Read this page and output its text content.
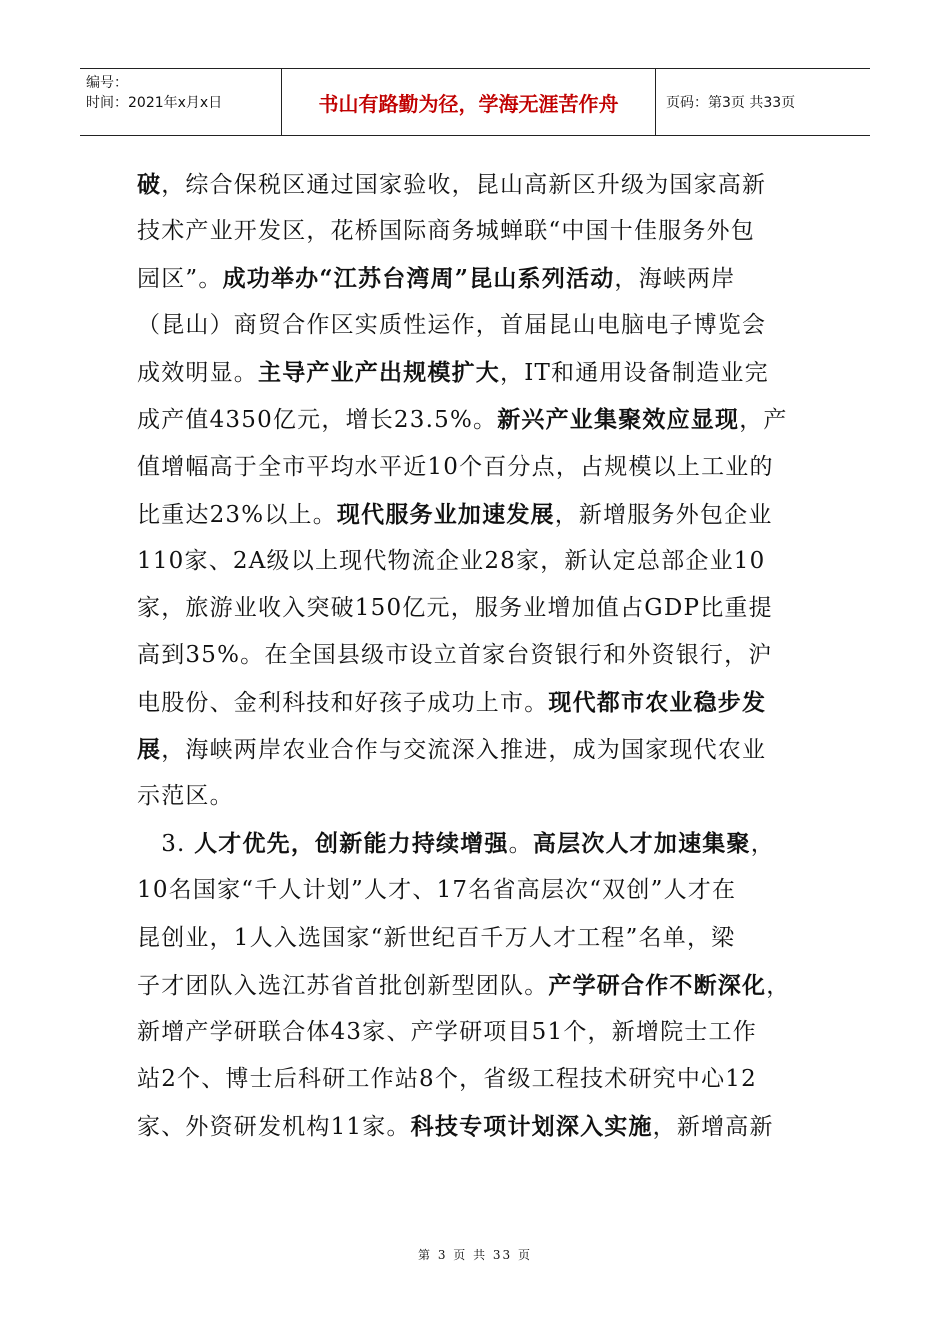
编号：
时间：2021年x月x日	书山有路勤为径，学海无涯苦作舟	页码：第3页 共33页
破，综合保税区通过国家验收，昆山高新区升级为国家高新
技术产业开发区，花桥国际商务城蝉联“中国十佳服务外包
园区”。成功举办“江苏台湾周”昆山系列活动，海峡两岸
（昆山）商贸合作区实质性运作，首届昆山电脑电子博览会
成效明显。主导产业产出规模扩大，IT和通用设备制造业完
成产值4350亿元，增长23.5%。新兴产业集聚效应显现，产
值增幅高于全市平均水平近10个百分点，占规模以上工业的
比重达23%以上。现代服务业加速发展，新增服务外包企业
110家、2A级以上现代物流企业28家，新认定总部企业10
家，旅游业收入突破150亿元，服务业增加值占GDP比重提
高到35%。在全国县级市设立首家台资银行和外资银行，沪
电股份、金利科技和好孩子成功上市。现代都市农业稳步发
展，海峡两岸农业合作与交流深入推进，成为国家现代农业
示范区。
　3. 人才优先，创新能力持续增强。高层次人才加速集聚，
10名国家“千人计划”人才、17名省高层次“双创”人才在
昆创业，1人入选国家“新世纪百千万人才工程”名单，梁
子才团队入选江苏省首批创新型团队。产学研合作不断深化，
新增产学研联合体43家、产学研项目51个，新增院士工作
站2个、博士后科研工作站8个，省级工程技术研究中心12
家、外资研发机构11家。科技专项计划深入实施，新增高新
第 3 页 共 33 页
